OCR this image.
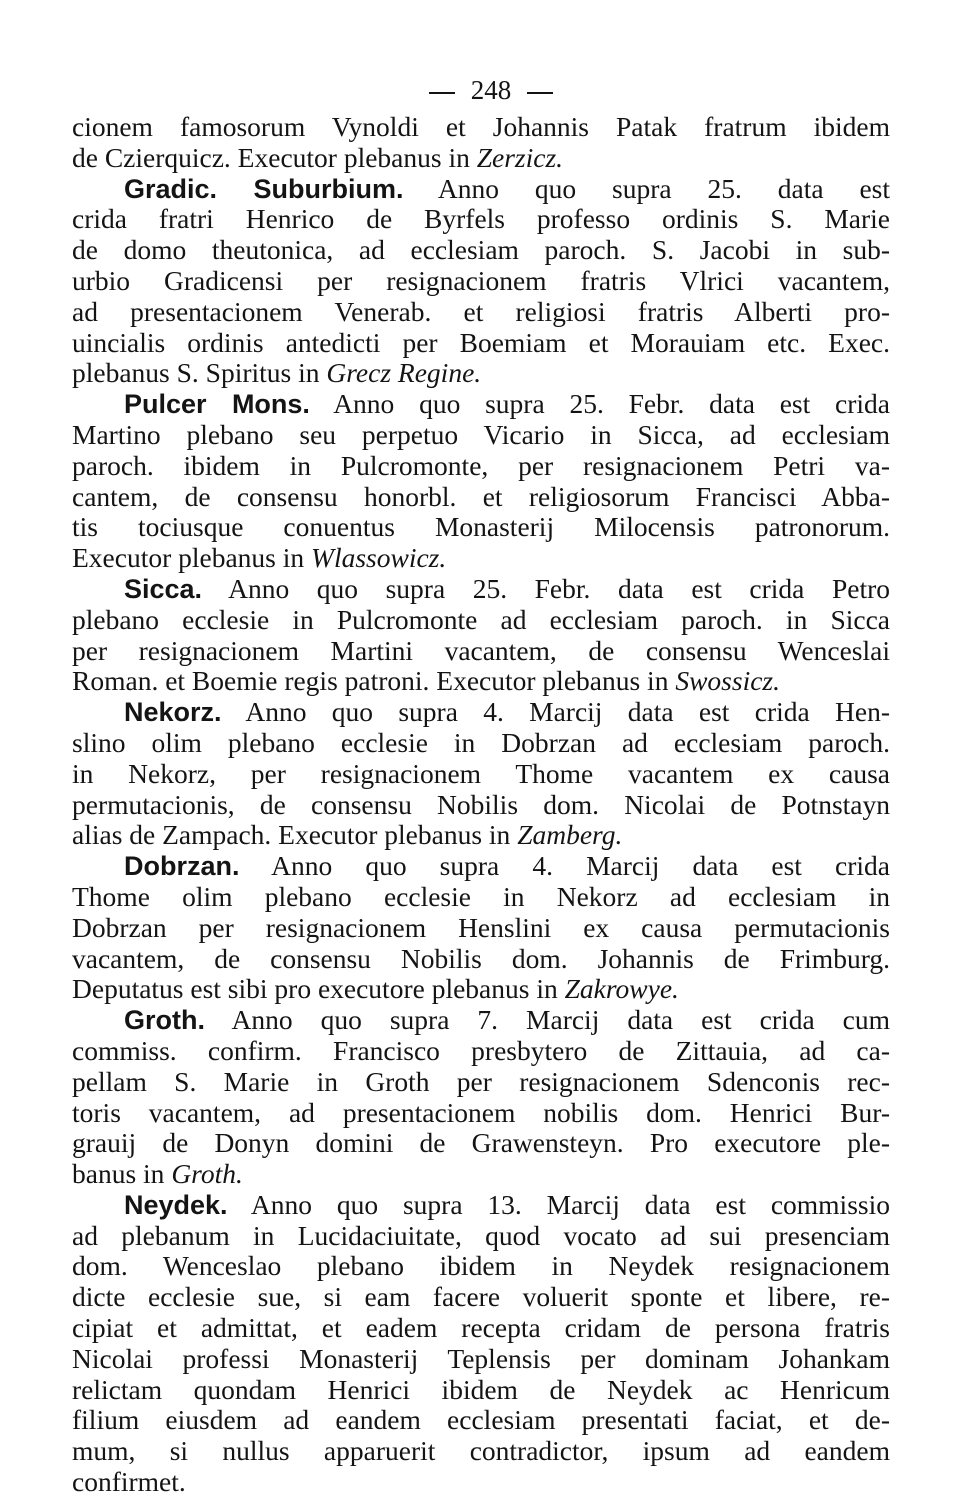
248
cionem famosorum Vynoldi et Johannis Patak fratrum ibidem
de Czierquicz. Executor plebanus in Zerzicz.
Gradic. Suburbium. Anno quo supra 25. data est
crida fratri Henrico de Byrfels professo ordinis S. Marie
de domo theutonica, ad ecclesiam paroch. S. Jacobi in sub-
urbio Gradicensi per resignacionem fratris Vlrici vacantem,
ad presentacionem Venerab. et religiosi fratris Alberti pro-
uincialis ordinis antedicti per Boemiam et Morauiam etc. Exec.
plebanus S. Spiritus in Grecz Regine.
Pulcer Mons. Anno quo supra 25. Febr. data est crida
Martino plebano seu perpetuo Vicario in Sicca, ad ecclesiam
paroch. ibidem in Pulcromonte, per resignacionem Petri va-
cantem, de consensu honorbl. et religiosorum Francisci Abba-
tis tociusque conuentus Monasterij Milocensis patronorum.
Executor plebanus in Wlassowicz.
Sicca. Anno quo supra 25. Febr. data est crida Petro
plebano ecclesie in Pulcromonte ad ecclesiam paroch. in Sicca
per resignacionem Martini vacantem, de consensu Wenceslai
Roman. et Boemie regis patroni. Executor plebanus in Swossicz.
Nekorz. Anno quo supra 4. Marcij data est crida Hen-
slino olim plebano ecclesie in Dobrzan ad ecclesiam paroch.
in Nekorz, per resignacionem Thome vacantem ex causa
permutacionis, de consensu Nobilis dom. Nicolai de Potnstayn
alias de Zampach. Executor plebanus in Zamberg.
Dobrzan. Anno quo supra 4. Marcij data est crida
Thome olim plebano ecclesie in Nekorz ad ecclesiam in
Dobrzan per resignacionem Henslini ex causa permutacionis
vacantem, de consensu Nobilis dom. Johannis de Frimburg.
Deputatus est sibi pro executore plebanus in Zakrowye.
Groth. Anno quo supra 7. Marcij data est crida cum
commiss. confirm. Francisco presbytero de Zittauia, ad ca-
pellam S. Marie in Groth per resignacionem Sdenconis rec-
toris vacantem, ad presentacionem nobilis dom. Henrici Bur-
grauij de Donyn domini de Grawensteyn. Pro executore ple-
banus in Groth.
Neydek. Anno quo supra 13. Marcij data est commissio
ad plebanum in Lucidaciuitate, quod vocato ad sui presenciam
dom. Wenceslao plebano ibidem in Neydek resignacionem
dicte ecclesie sue, si eam facere voluerit sponte et libere, re-
cipiat et admittat, et eadem recepta cridam de persona fratris
Nicolai professi Monasterij Teplensis per dominam Johankam
relictam quondam Henrici ibidem de Neydek ac Henricum
filium eiusdem ad eandem ecclesiam presentati faciat, et de-
mum, si nullus apparuerit contradictor, ipsum ad eandem
confirmet.
